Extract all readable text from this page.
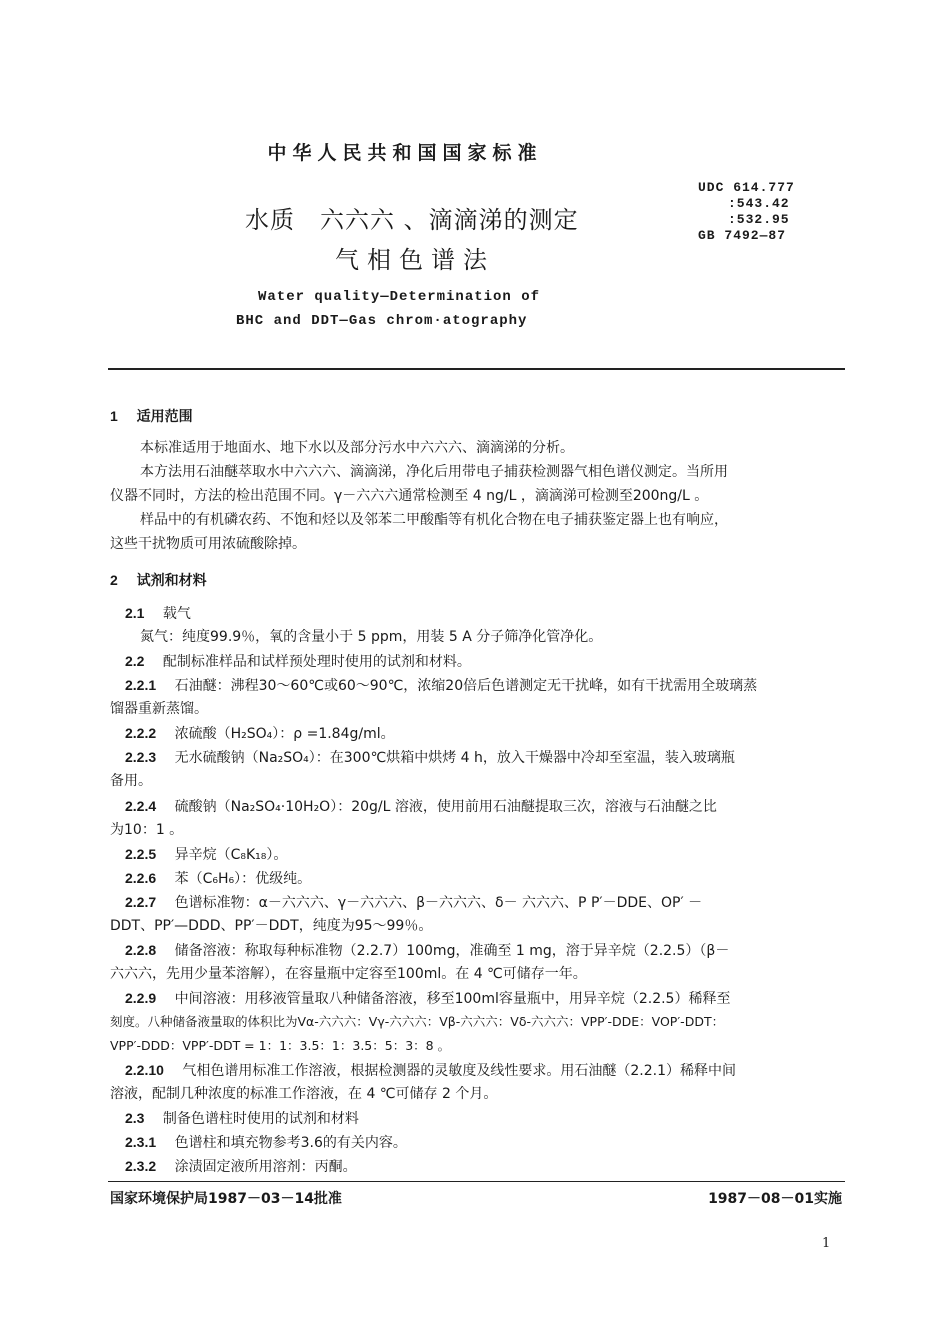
中华人民共和国国家标准
水质　六六六 、滴滴涕的测定
气相色谱法
Water quality—Determination of
BHC and DDT—Gas chrom·atography
UDC 614.777
:543.42
:532.95
GB 7492—87
1 适用范围
本标准适用于地面水、地下水以及部分污水中六六六、滴滴涕的分析。
本方法用石油醚萃取水中六六六、滴滴涕，净化后用带电子捕获检测器气相色谱仪测定。当所用
仪器不同时，方法的检出范围不同。γ－六六六通常检测至 4 ng/L ，滴滴涕可检测至200ng/L 。
样品中的有机磷农药、不饱和烃以及邻苯二甲酸酯等有机化合物在电子捕获鉴定器上也有响应，
这些干扰物质可用浓硫酸除掉。
2 试剂和材料
2.1 载气
氮气：纯度99.9％，氧的含量小于 5 ppm，用装 5 A 分子筛净化管净化。
2.2 配制标准样品和试样预处理时使用的试剂和材料。
2.2.1 石油醚：沸程30～60℃或60～90℃，浓缩20倍后色谱测定无干扰峰，如有干扰需用全玻璃蒸
馏器重新蒸馏。
2.2.2 浓硫酸（H₂SO₄）：ρ =1.84g/ml。
2.2.3 无水硫酸钠（Na₂SO₄）：在300℃烘箱中烘烤 4 h，放入干燥器中冷却至室温，装入玻璃瓶
备用。
2.2.4 硫酸钠（Na₂SO₄·10H₂O）：20g/L 溶液，使用前用石油醚提取三次，溶液与石油醚之比
为10：1 。
2.2.5 异辛烷（C₈K₁₈）。
2.2.6 苯（C₆H₆）：优级纯。
2.2.7 色谱标准物：α－六六六、γ－六六六、β－六六六、δ－ 六六六、P P′－DDE、OP′ －
DDT、PP′—DDD、PP′－DDT，纯度为95～99％。
2.2.8 储备溶液：称取每种标准物（2.2.7）100mg，准确至 1 mg，溶于异辛烷（2.2.5）（β－
六六六，先用少量苯溶解），在容量瓶中定容至100ml。在 4 ℃可储存一年。
2.2.9 中间溶液：用移液管量取八种储备溶液，移至100ml容量瓶中，用异辛烷（2.2.5）稀释至
刻度。八种储备液量取的体积比为Vα-六六六：Vγ-六六六：Vβ-六六六：Vδ-六六六：VPP′-DDE：VOP′-DDT：
VPP′-DDD：VPP′-DDT = 1：1：3.5：1：3.5：5：3：8 。
2.2.10 气相色谱用标准工作溶液，根据检测器的灵敏度及线性要求。用石油醚（2.2.1）稀释中间
溶液，配制几种浓度的标准工作溶液，在 4 ℃可储存 2 个月。
2.3 制备色谱柱时使用的试剂和材料
2.3.1 色谱柱和填充物参考3.6的有关内容。
2.3.2 涂渍固定液所用溶剂：丙酮。
国家环境保护局1987－03－14批准	1987－08－01实施
1
